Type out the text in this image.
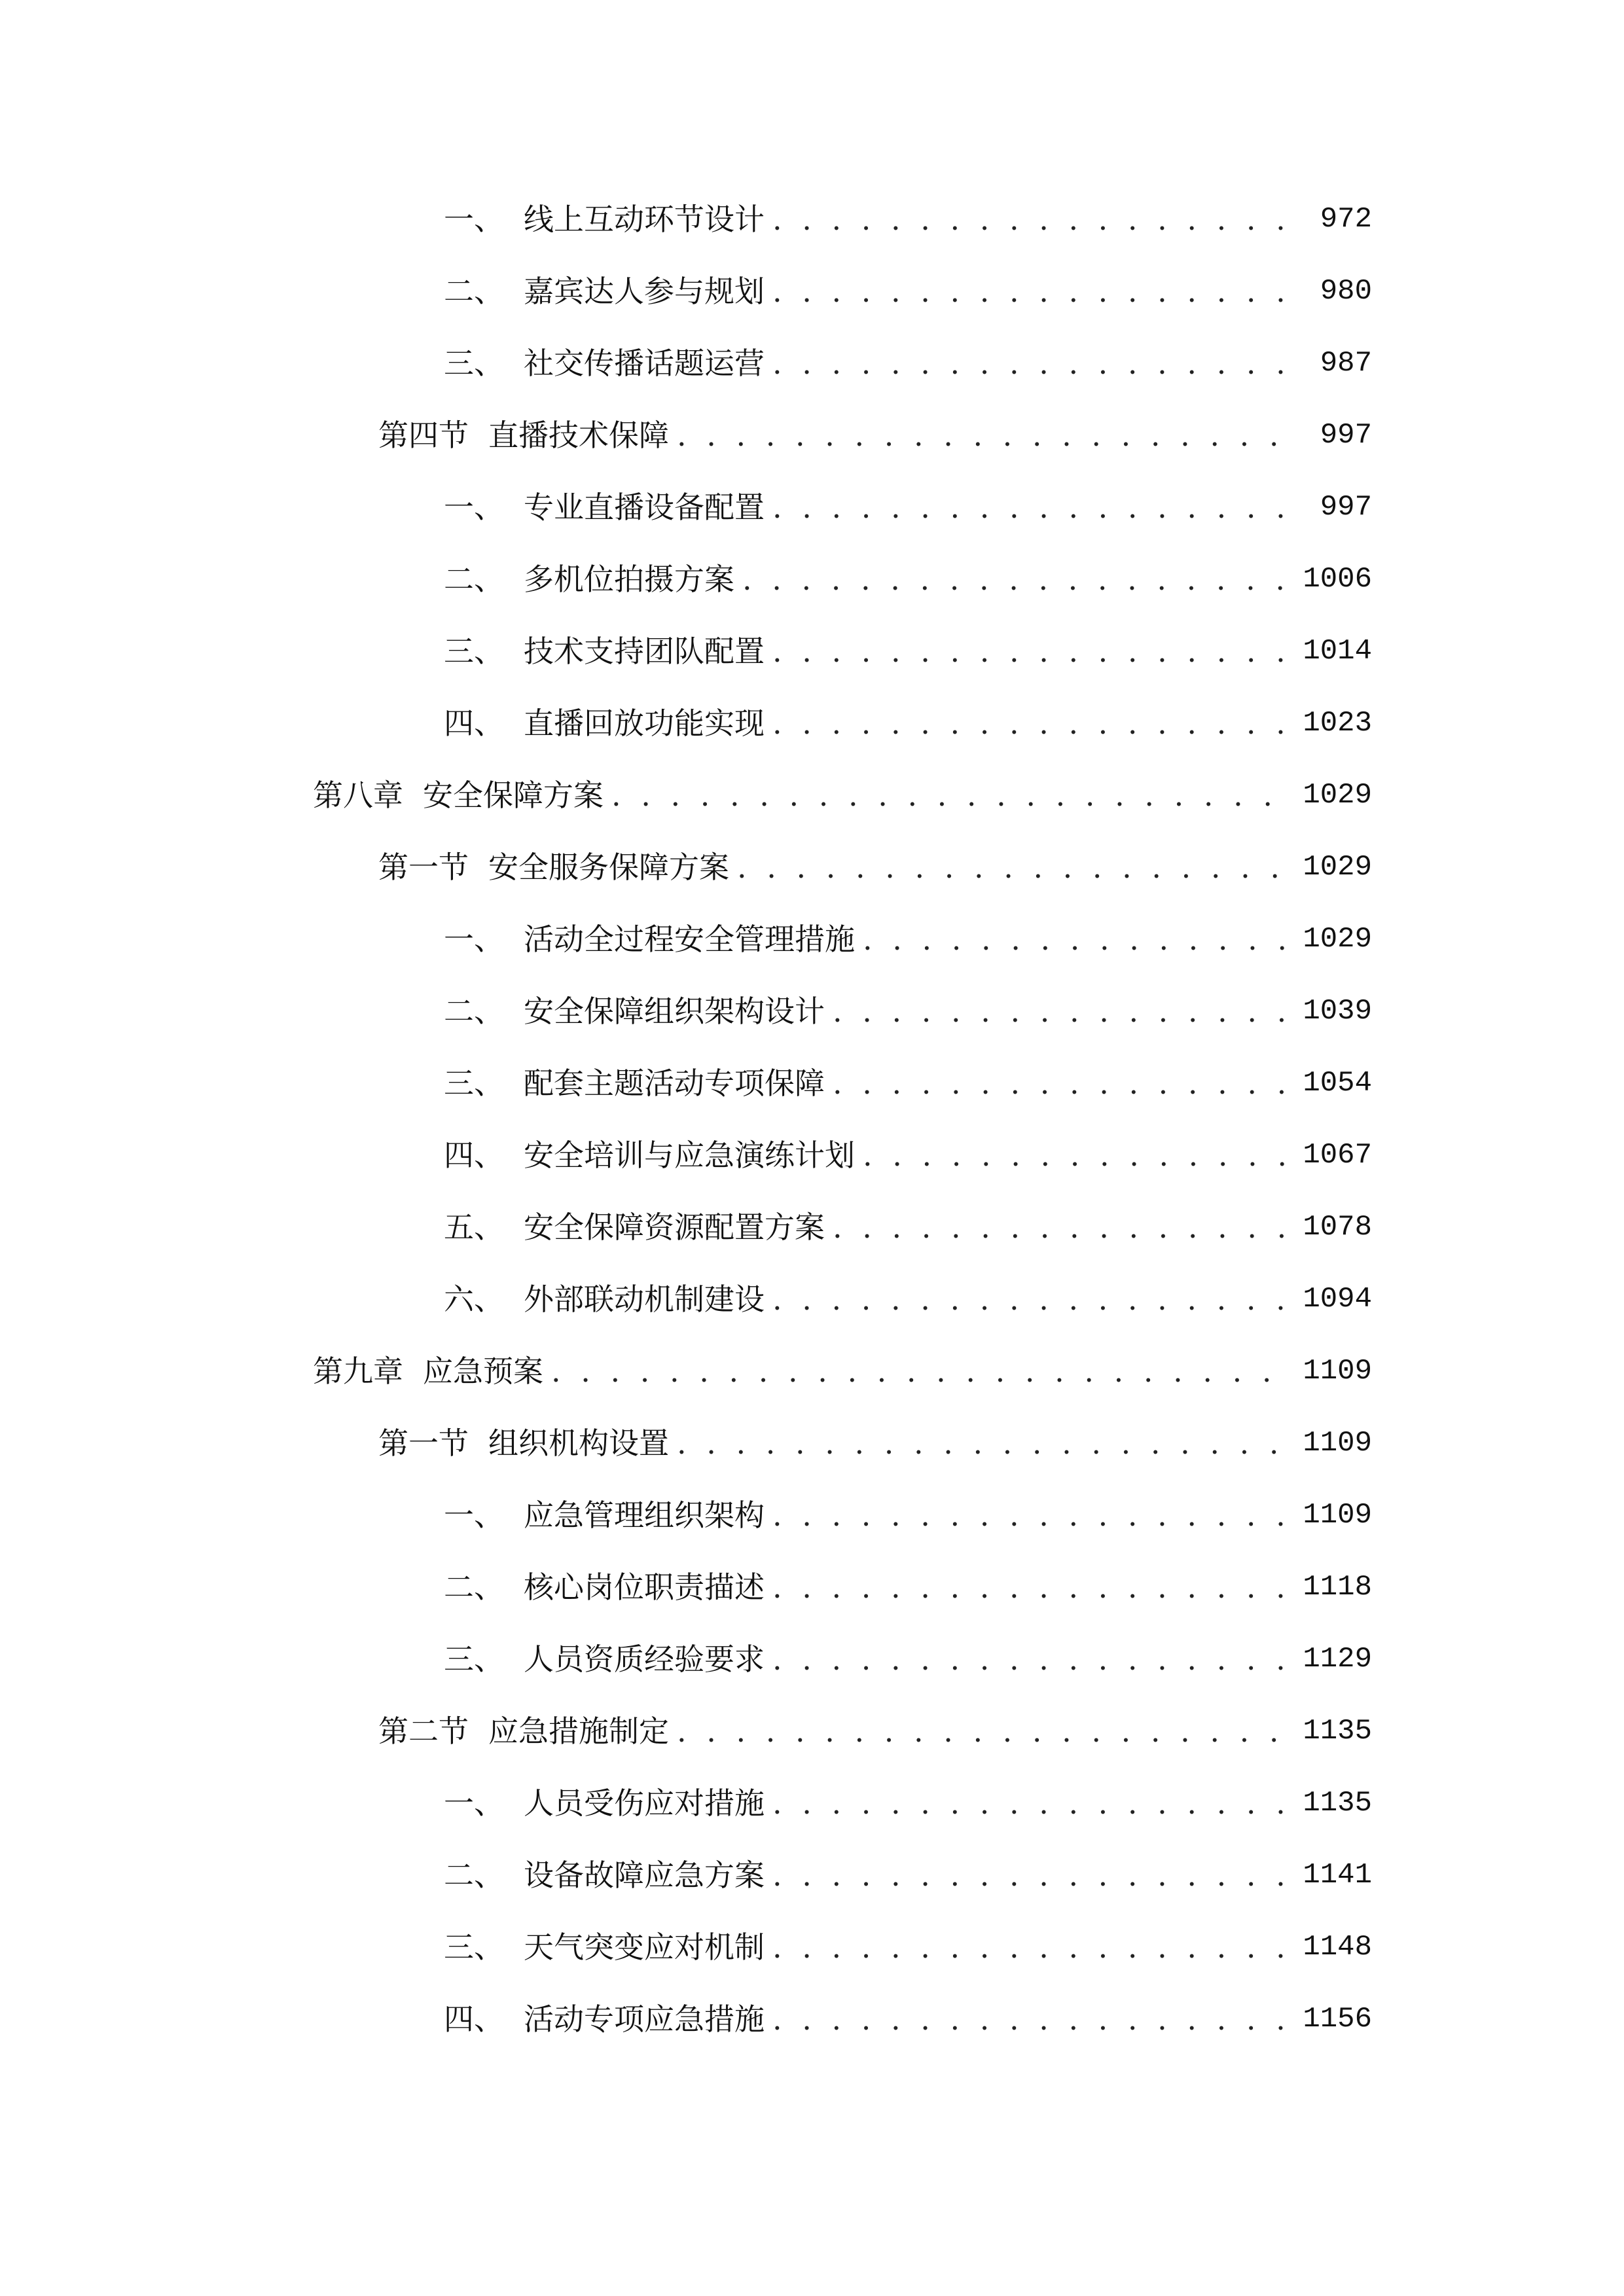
一、 线上互动环节设计 . . .	972
二、 嘉宾达人参与规划 . . .	980
三、 社交传播话题运营 . . .	987
第四节 直播技术保障 . . .	997
一、 专业直播设备配置 . . .	997
二、 多机位拍摄方案 . . .	1006
三、 技术支持团队配置 . . .	1014
四、 直播回放功能实现 . . .	1023
第八章 安全保障方案 . . .	1029
第一节 安全服务保障方案 . . .	1029
一、 活动全过程安全管理措施 . . .	1029
二、 安全保障组织架构设计 . . .	1039
三、 配套主题活动专项保障 . . .	1054
四、 安全培训与应急演练计划 . . .	1067
五、 安全保障资源配置方案 . . .	1078
六、 外部联动机制建设 . . .	1094
第九章 应急预案 . . .	1109
第一节 组织机构设置 . . .	1109
一、 应急管理组织架构 . . .	1109
二、 核心岗位职责描述 . . .	1118
三、 人员资质经验要求 . . .	1129
第二节 应急措施制定 . . .	1135
一、 人员受伤应对措施 . . .	1135
二、 设备故障应急方案 . . .	1141
三、 天气突变应对机制 . . .	1148
四、 活动专项应急措施 . . .	1156
